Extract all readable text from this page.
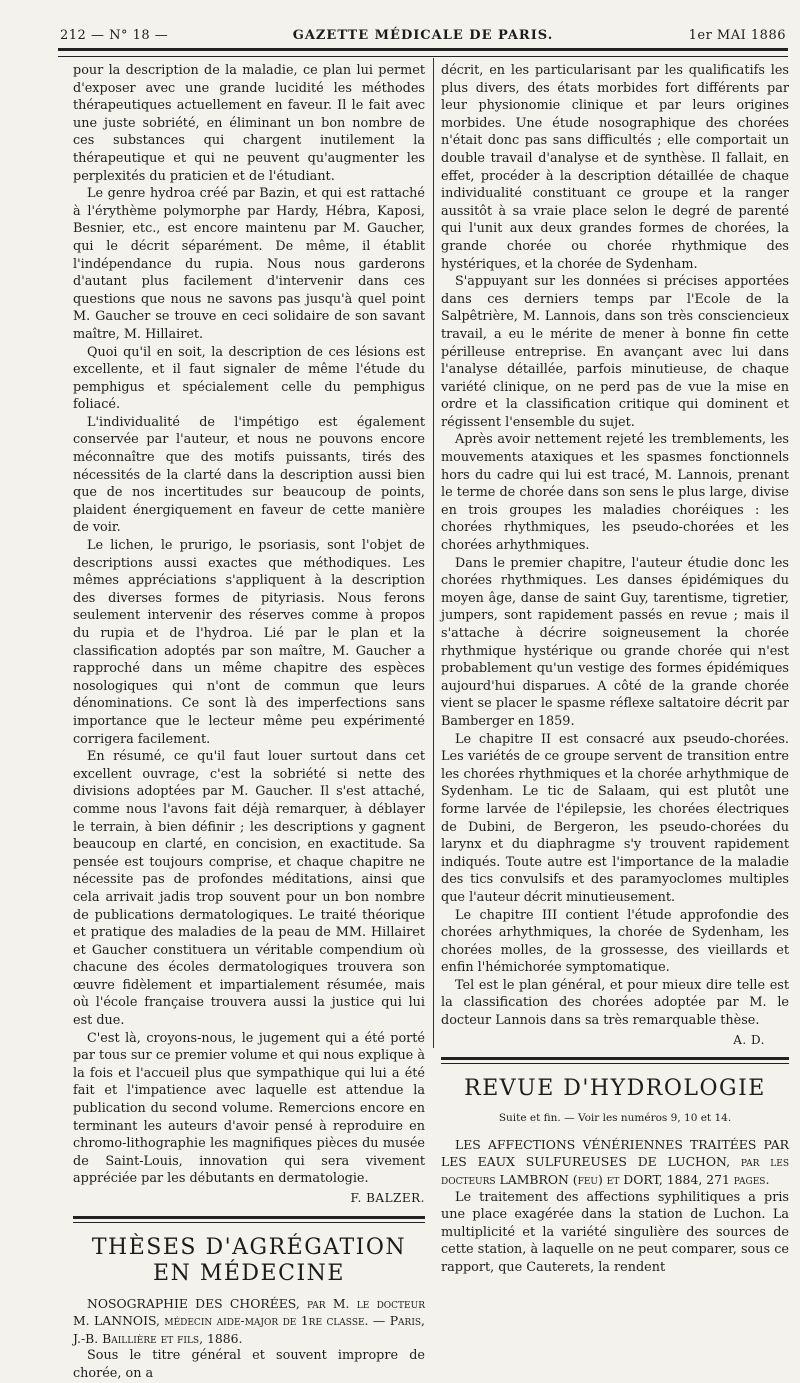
212 — N° 18 —	GAZETTE MÉDICALE DE PARIS.	1er MAI 1886

pour la description de la maladie, ce plan lui permet d'exposer avec une grande lucidité les méthodes thérapeutiques actuellement en faveur. Il le fait avec une juste sobriété, en éliminant un bon nombre de ces substances qui chargent inutilement la thérapeutique et qui ne peuvent qu'augmenter les perplexités du praticien et de l'étudiant.

Le genre hydroa créé par Bazin, et qui est rattaché à l'érythème polymorphe par Hardy, Hébra, Kaposi, Besnier, etc., est encore maintenu par M. Gaucher, qui le décrit séparément. De même, il établit l'indépendance du rupia. Nous nous garderons d'autant plus facilement d'intervenir dans ces questions que nous ne savons pas jusqu'à quel point M. Gaucher se trouve en ceci solidaire de son savant maître, M. Hillairet.

Quoi qu'il en soit, la description de ces lésions est excellente, et il faut signaler de même l'étude du pemphigus et spécialement celle du pemphigus foliacé.

L'individualité de l'impétigo est également conservée par l'auteur, et nous ne pouvons encore méconnaître que des motifs puissants, tirés des nécessités de la clarté dans la description aussi bien que de nos incertitudes sur beaucoup de points, plaident énergiquement en faveur de cette manière de voir.

Le lichen, le prurigo, le psoriasis, sont l'objet de descriptions aussi exactes que méthodiques. Les mêmes appréciations s'appliquent à la description des diverses formes de pityriasis. Nous ferons seulement intervenir des réserves comme à propos du rupia et de l'hydroa. Lié par le plan et la classification adoptés par son maître, M. Gaucher a rapproché dans un même chapitre des espèces nosologiques qui n'ont de commun que leurs dénominations. Ce sont là des imperfections sans importance que le lecteur même peu expérimenté corrigera facilement.

En résumé, ce qu'il faut louer surtout dans cet excellent ouvrage, c'est la sobriété si nette des divisions adoptées par M. Gaucher. Il s'est attaché, comme nous l'avons fait déjà remarquer, à déblayer le terrain, à bien définir ; les descriptions y gagnent beaucoup en clarté, en concision, en exactitude. Sa pensée est toujours comprise, et chaque chapitre ne nécessite pas de profondes méditations, ainsi que cela arrivait jadis trop souvent pour un bon nombre de publications dermatologiques. Le traité théorique et pratique des maladies de la peau de MM. Hillairet et Gaucher constituera un véritable compendium où chacune des écoles dermatologiques trouvera son œuvre fidèlement et impartialement résumée, mais où l'école française trouvera aussi la justice qui lui est due.

C'est là, croyons-nous, le jugement qui a été porté par tous sur ce premier volume et qui nous explique à la fois et l'accueil plus que sympathique qui lui a été fait et l'impatience avec laquelle est attendue la publication du second volume. Remercions encore en terminant les auteurs d'avoir pensé à reproduire en chromo-lithographie les magnifiques pièces du musée de Saint-Louis, innovation qui sera vivement appréciée par les débutants en dermatologie.

F. BALZER.
THÈSES D'AGRÉGATION EN MÉDECINE

NOSOGRAPHIE DES CHORÉES, par M. le docteur M. LANNOIS, médecin aide-major de 1re classe. — Paris, J.-B. Baillière et fils, 1886.

Sous le titre général et souvent impropre de chorée, on a

décrit, en les particularisant par les qualificatifs les plus divers, des états morbides fort différents par leur physionomie clinique et par leurs origines morbides. Une étude nosographique des chorées n'était donc pas sans difficultés ; elle comportait un double travail d'analyse et de synthèse. Il fallait, en effet, procéder à la description détaillée de chaque individualité constituant ce groupe et la ranger aussitôt à sa vraie place selon le degré de parenté qui l'unit aux deux grandes formes de chorées, la grande chorée ou chorée rhythmique des hystériques, et la chorée de Sydenham.

S'appuyant sur les données si précises apportées dans ces derniers temps par l'Ecole de la Salpêtrière, M. Lannois, dans son très consciencieux travail, a eu le mérite de mener à bonne fin cette périlleuse entreprise. En avançant avec lui dans l'analyse détaillée, parfois minutieuse, de chaque variété clinique, on ne perd pas de vue la mise en ordre et la classification critique qui dominent et régissent l'ensemble du sujet.

Après avoir nettement rejeté les tremblements, les mouvements ataxiques et les spasmes fonctionnels hors du cadre qui lui est tracé, M. Lannois, prenant le terme de chorée dans son sens le plus large, divise en trois groupes les maladies choréiques : les chorées rhythmiques, les pseudo-chorées et les chorées arhythmiques.

Dans le premier chapitre, l'auteur étudie donc les chorées rhythmiques. Les danses épidémiques du moyen âge, danse de saint Guy, tarentisme, tigretier, jumpers, sont rapidement passés en revue ; mais il s'attache à décrire soigneusement la chorée rhythmique hystérique ou grande chorée qui n'est probablement qu'un vestige des formes épidémiques aujourd'hui disparues. A côté de la grande chorée vient se placer le spasme réflexe saltatoire décrit par Bamberger en 1859.

Le chapitre II est consacré aux pseudo-chorées. Les variétés de ce groupe servent de transition entre les chorées rhythmiques et la chorée arhythmique de Sydenham. Le tic de Salaam, qui est plutôt une forme larvée de l'épilepsie, les chorées électriques de Dubini, de Bergeron, les pseudo-chorées du larynx et du diaphragme s'y trouvent rapidement indiqués. Toute autre est l'importance de la maladie des tics convulsifs et des paramyoclomes multiples que l'auteur décrit minutieusement.

Le chapitre III contient l'étude approfondie des chorées arhythmiques, la chorée de Sydenham, les chorées molles, de la grossesse, des vieillards et enfin l'hémichorée symptomatique.

Tel est le plan général, et pour mieux dire telle est la classification des chorées adoptée par M. le docteur Lannois dans sa très remarquable thèse.

A. D.
REVUE D'HYDROLOGIE
Suite et fin. — Voir les numéros 9, 10 et 14.

LES AFFECTIONS VÉNÉRIENNES TRAITÉES PAR LES EAUX SULFUREUSES DE LUCHON, par les docteurs LAMBRON (feu) et DORT, 1884, 271 pages.

Le traitement des affections syphilitiques a pris une place exagérée dans la station de Luchon. La multiplicité et la variété singulière des sources de cette station, à laquelle on ne peut comparer, sous ce rapport, que Cauterets, la rendent
